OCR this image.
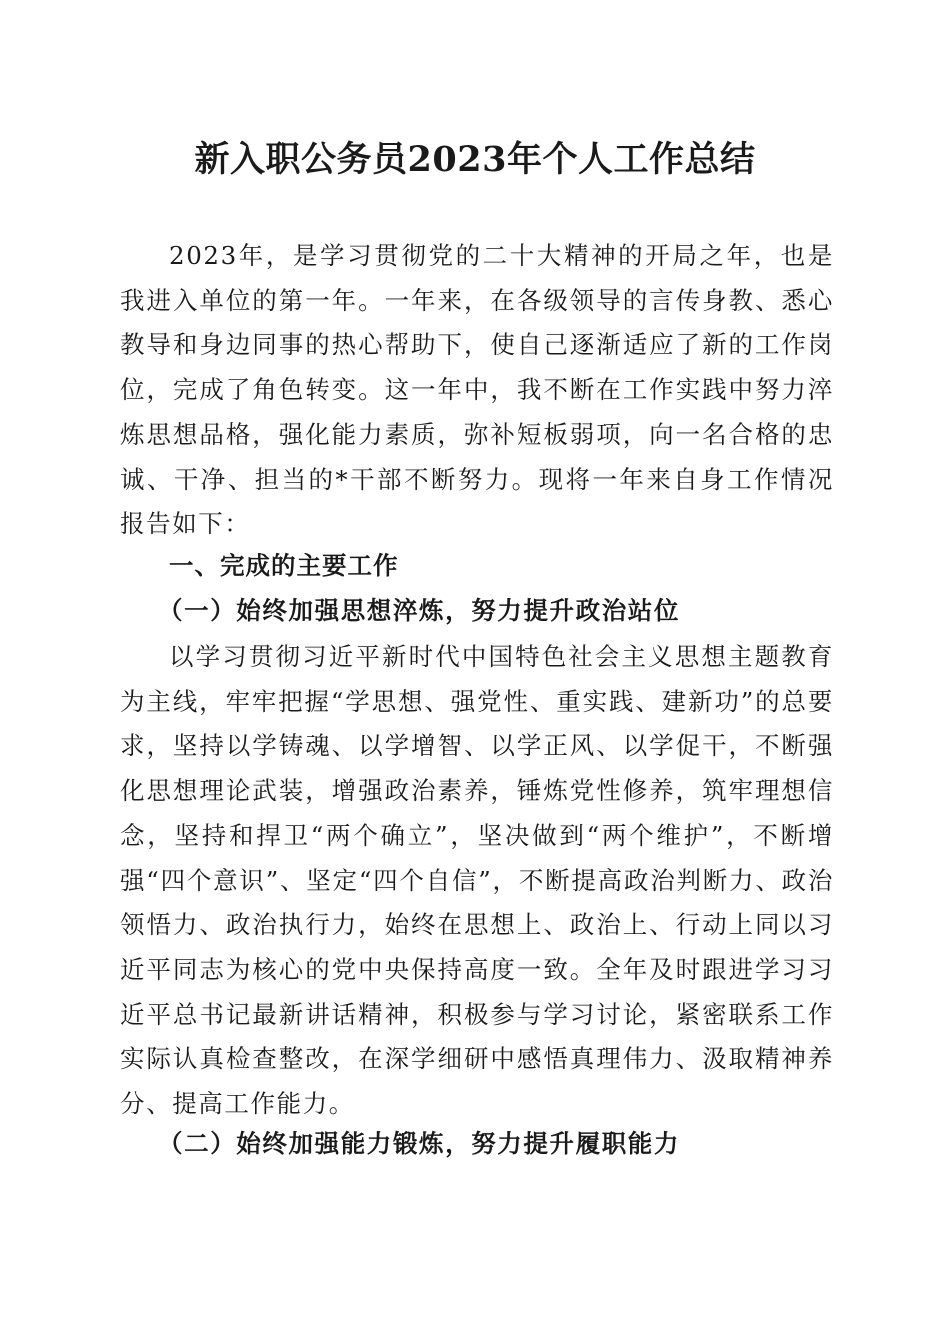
新入职公务员2023年个人工作总结

2023年，是学习贯彻党的二十大精神的开局之年，也是我进入单位的第一年。一年来，在各级领导的言传身教、悉心教导和身边同事的热心帮助下，使自己逐渐适应了新的工作岗位，完成了角色转变。这一年中，我不断在工作实践中努力淬炼思想品格，强化能力素质，弥补短板弱项，向一名合格的忠诚、干净、担当的*干部不断努力。现将一年来自身工作情况报告如下：

一、完成的主要工作
（一）始终加强思想淬炼，努力提升政治站位

以学习贯彻习近平新时代中国特色社会主义思想主题教育为主线，牢牢把握“学思想、强党性、重实践、建新功”的总要求，坚持以学铸魂、以学增智、以学正风、以学促干，不断强化思想理论武装，增强政治素养，锤炼党性修养，筑牢理想信念，坚持和捍卫“两个确立”，坚决做到“两个维护”，不断增强“四个意识”、坚定“四个自信”，不断提高政治判断力、政治领悟力、政治执行力，始终在思想上、政治上、行动上同以习近平同志为核心的党中央保持高度一致。全年及时跟进学习习近平总书记最新讲话精神，积极参与学习讨论，紧密联系工作实际认真检查整改，在深学细研中感悟真理伟力、汲取精神养分、提高工作能力。

（二）始终加强能力锻炼，努力提升履职能力
